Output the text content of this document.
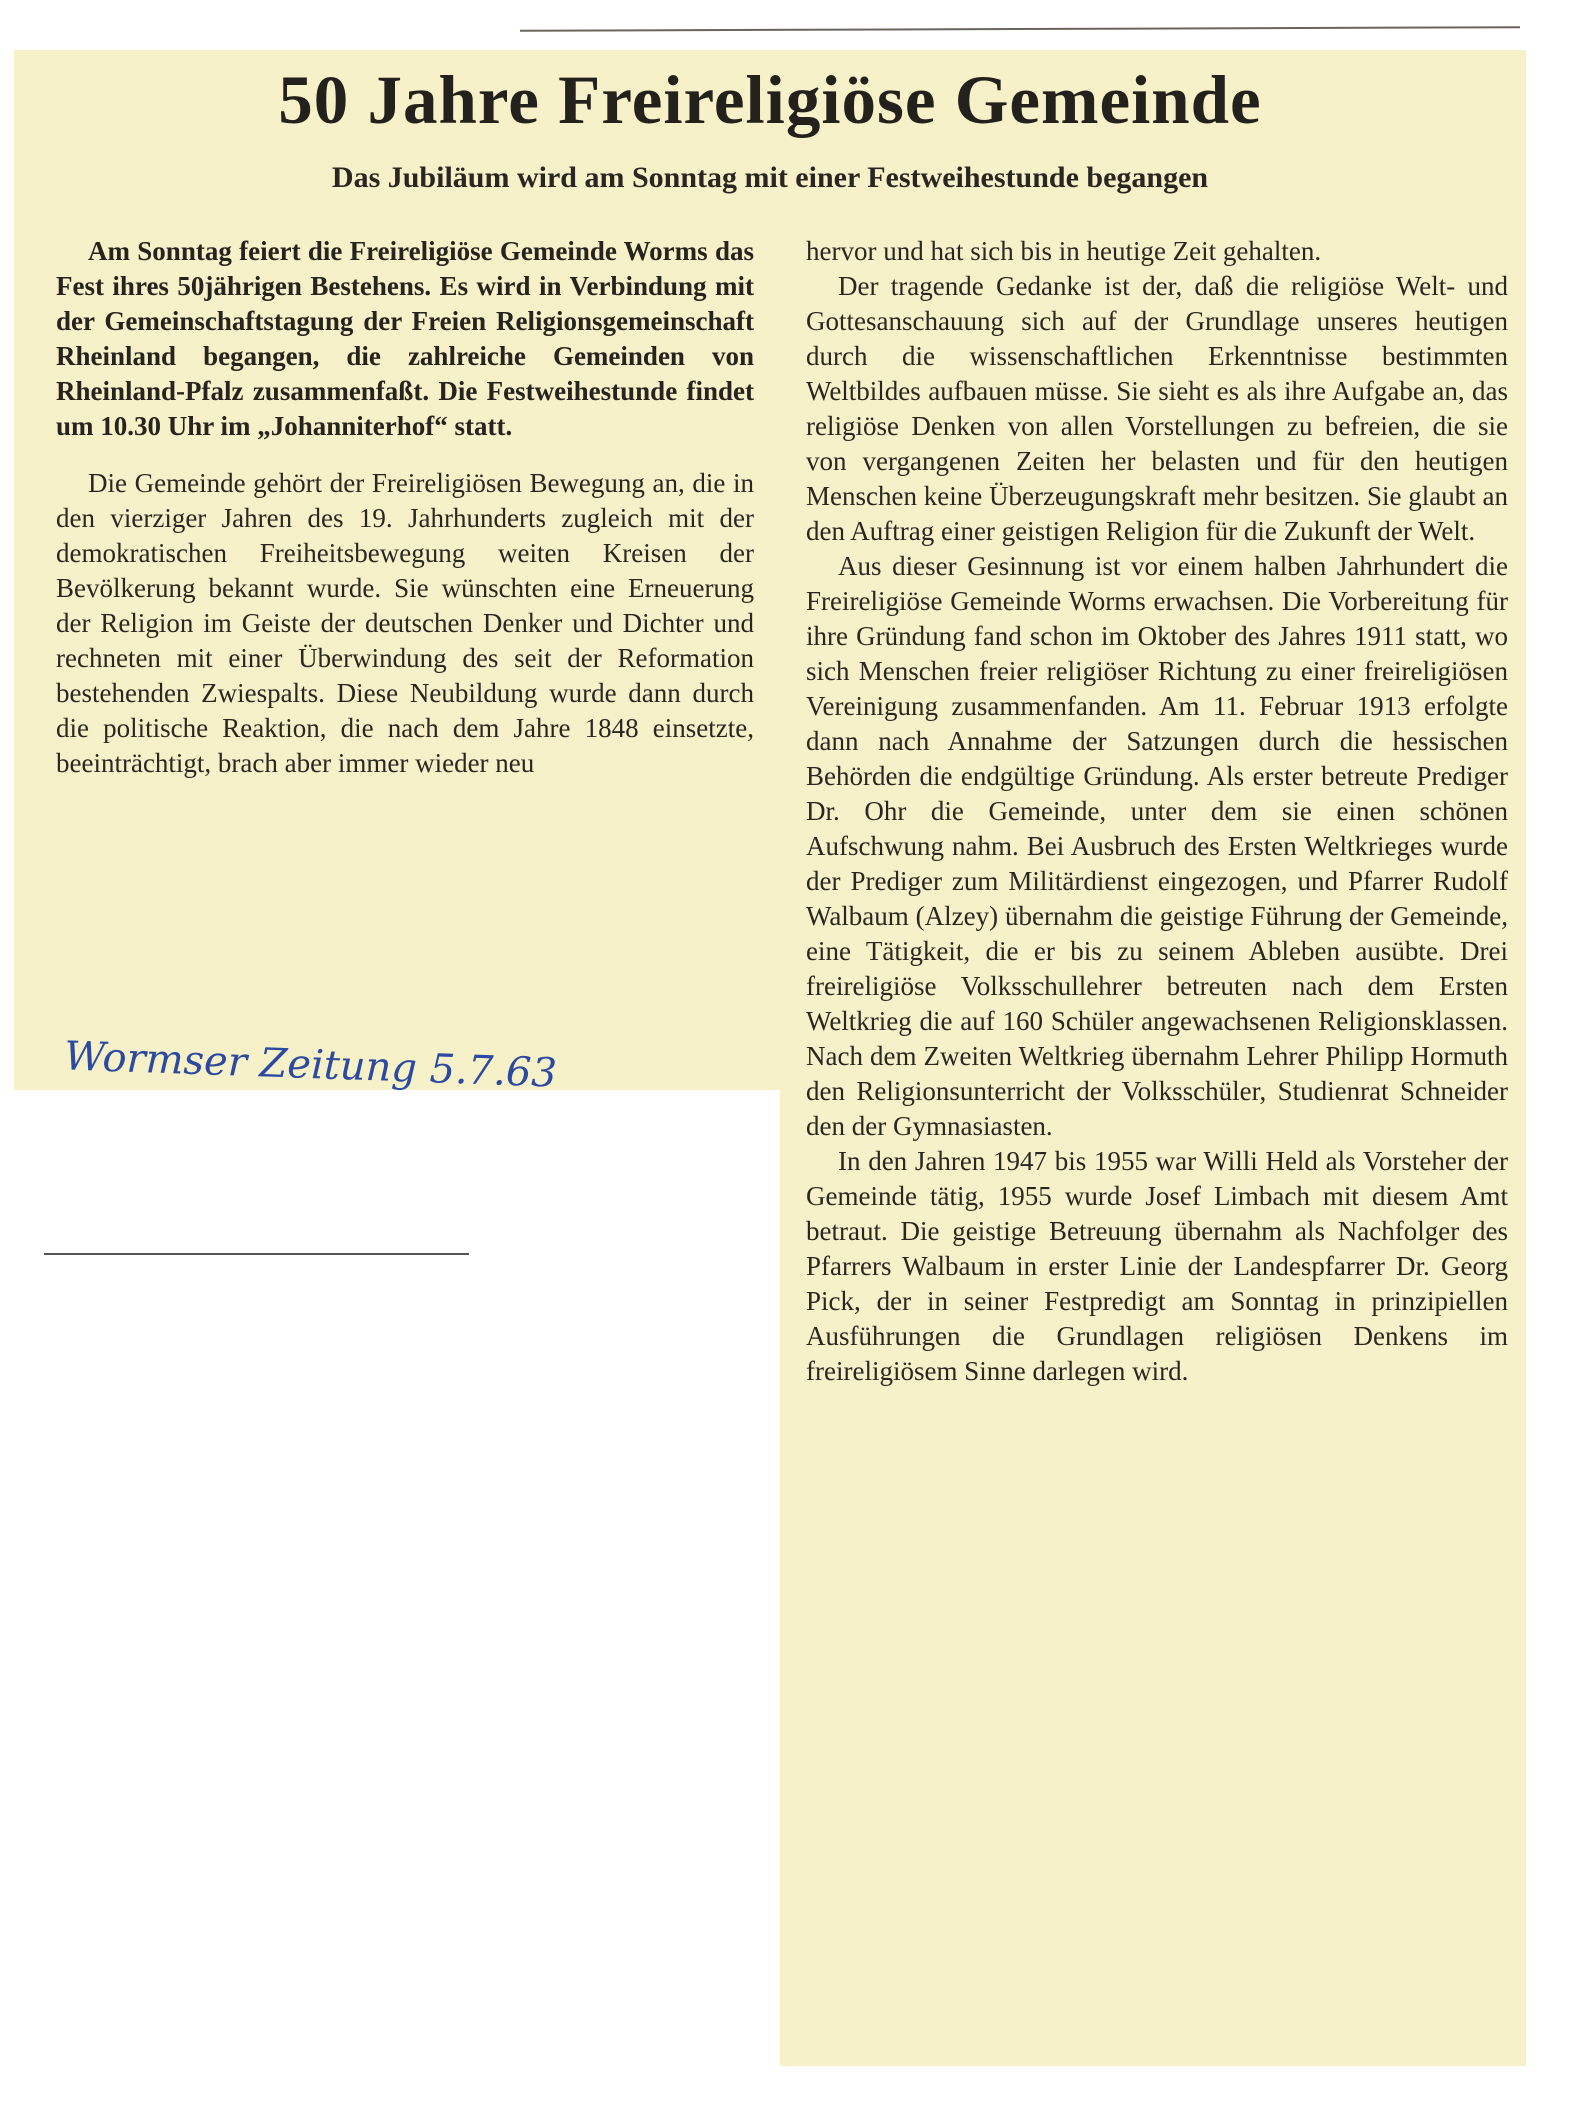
50 Jahre Freireligiöse Gemeinde
Das Jubiläum wird am Sonntag mit einer Festweihestunde begangen

Am Sonntag feiert die Freireligiöse Gemeinde Worms das Fest ihres 50jährigen Bestehens. Es wird in Verbindung mit der Gemeinschaftstagung der Freien Religionsgemeinschaft Rheinland begangen, die zahlreiche Gemeinden von Rheinland-Pfalz zusammenfaßt. Die Festweihestunde findet um 10.30 Uhr im „Johanniterhof“ statt.

Die Gemeinde gehört der Freireligiösen Bewegung an, die in den vierziger Jahren des 19. Jahrhunderts zugleich mit der demokratischen Freiheitsbewegung weiten Kreisen der Bevölkerung bekannt wurde. Sie wünschten eine Erneuerung der Religion im Geiste der deutschen Denker und Dichter und rechneten mit einer Überwindung des seit der Reformation bestehenden Zwiespalts. Diese Neubildung wurde dann durch die politische Reaktion, die nach dem Jahre 1848 einsetzte, beeinträchtigt, brach aber immer wieder neu

Wormser Zeitung 5.7.63

hervor und hat sich bis in heutige Zeit gehalten.

Der tragende Gedanke ist der, daß die religiöse Welt- und Gottesanschauung sich auf der Grundlage unseres heutigen durch die wissenschaftlichen Erkenntnisse bestimmten Weltbildes aufbauen müsse. Sie sieht es als ihre Aufgabe an, das religiöse Denken von allen Vorstellungen zu befreien, die sie von vergangenen Zeiten her belasten und für den heutigen Menschen keine Überzeugungskraft mehr besitzen. Sie glaubt an den Auftrag einer geistigen Religion für die Zukunft der Welt.

Aus dieser Gesinnung ist vor einem halben Jahrhundert die Freireligiöse Gemeinde Worms erwachsen. Die Vorbereitung für ihre Gründung fand schon im Oktober des Jahres 1911 statt, wo sich Menschen freier religiöser Richtung zu einer freireligiösen Vereinigung zusammenfanden. Am 11. Februar 1913 erfolgte dann nach Annahme der Satzungen durch die hessischen Behörden die endgültige Gründung. Als erster betreute Prediger Dr. Ohr die Gemeinde, unter dem sie einen schönen Aufschwung nahm. Bei Ausbruch des Ersten Weltkrieges wurde der Prediger zum Militärdienst eingezogen, und Pfarrer Rudolf Walbaum (Alzey) übernahm die geistige Führung der Gemeinde, eine Tätigkeit, die er bis zu seinem Ableben ausübte. Drei freireligiöse Volksschullehrer betreuten nach dem Ersten Weltkrieg die auf 160 Schüler angewachsenen Religionsklassen. Nach dem Zweiten Weltkrieg übernahm Lehrer Philipp Hormuth den Religionsunterricht der Volksschüler, Studienrat Schneider den der Gymnasiasten.

In den Jahren 1947 bis 1955 war Willi Held als Vorsteher der Gemeinde tätig, 1955 wurde Josef Limbach mit diesem Amt betraut. Die geistige Betreuung übernahm als Nachfolger des Pfarrers Walbaum in erster Linie der Landespfarrer Dr. Georg Pick, der in seiner Festpredigt am Sonntag in prinzipiellen Ausführungen die Grundlagen religiösen Denkens im freireligiösem Sinne darlegen wird.
